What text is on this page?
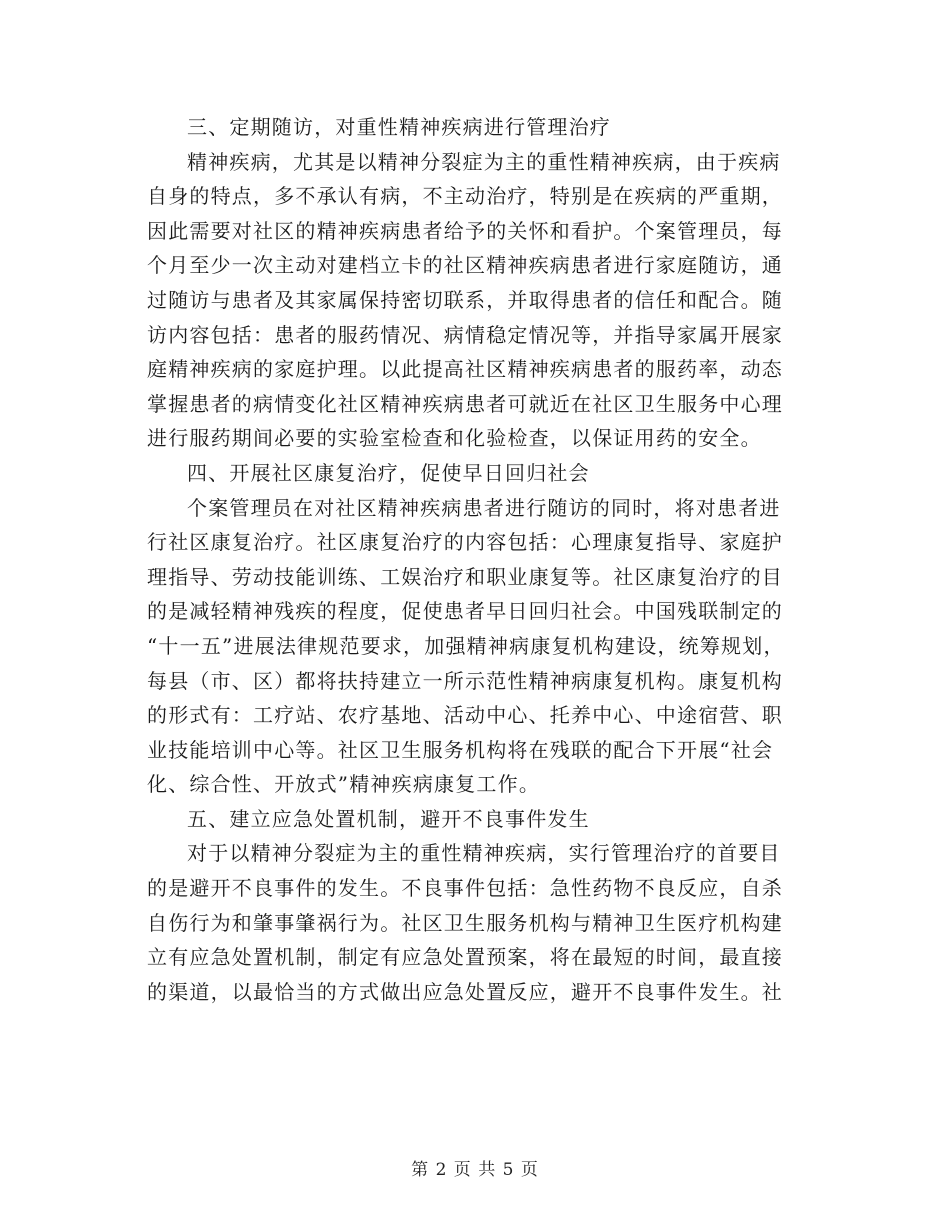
三、定期随访，对重性精神疾病进行管理治疗
精神疾病，尤其是以精神分裂症为主的重性精神疾病，由于疾病
自身的特点，多不承认有病，不主动治疗，特别是在疾病的严重期，
因此需要对社区的精神疾病患者给予的关怀和看护。个案管理员，每
个月至少一次主动对建档立卡的社区精神疾病患者进行家庭随访，通
过随访与患者及其家属保持密切联系，并取得患者的信任和配合。随
访内容包括：患者的服药情况、病情稳定情况等，并指导家属开展家
庭精神疾病的家庭护理。以此提高社区精神疾病患者的服药率，动态
掌握患者的病情变化社区精神疾病患者可就近在社区卫生服务中心理
进行服药期间必要的实验室检查和化验检查，以保证用药的安全。
四、开展社区康复治疗，促使早日回归社会
个案管理员在对社区精神疾病患者进行随访的同时，将对患者进
行社区康复治疗。社区康复治疗的内容包括：心理康复指导、家庭护
理指导、劳动技能训练、工娱治疗和职业康复等。社区康复治疗的目
的是减轻精神残疾的程度，促使患者早日回归社会。中国残联制定的
“十一五”进展法律规范要求，加强精神病康复机构建设，统筹规划，
每县（市、区）都将扶持建立一所示范性精神病康复机构。康复机构
的形式有：工疗站、农疗基地、活动中心、托养中心、中途宿营、职
业技能培训中心等。社区卫生服务机构将在残联的配合下开展“社会
化、综合性、开放式”精神疾病康复工作。
五、建立应急处置机制，避开不良事件发生
对于以精神分裂症为主的重性精神疾病，实行管理治疗的首要目
的是避开不良事件的发生。不良事件包括：急性药物不良反应，自杀
自伤行为和肇事肇祸行为。社区卫生服务机构与精神卫生医疗机构建
立有应急处置机制，制定有应急处置预案，将在最短的时间，最直接
的渠道，以最恰当的方式做出应急处置反应，避开不良事件发生。社
第 2 页 共 5 页
